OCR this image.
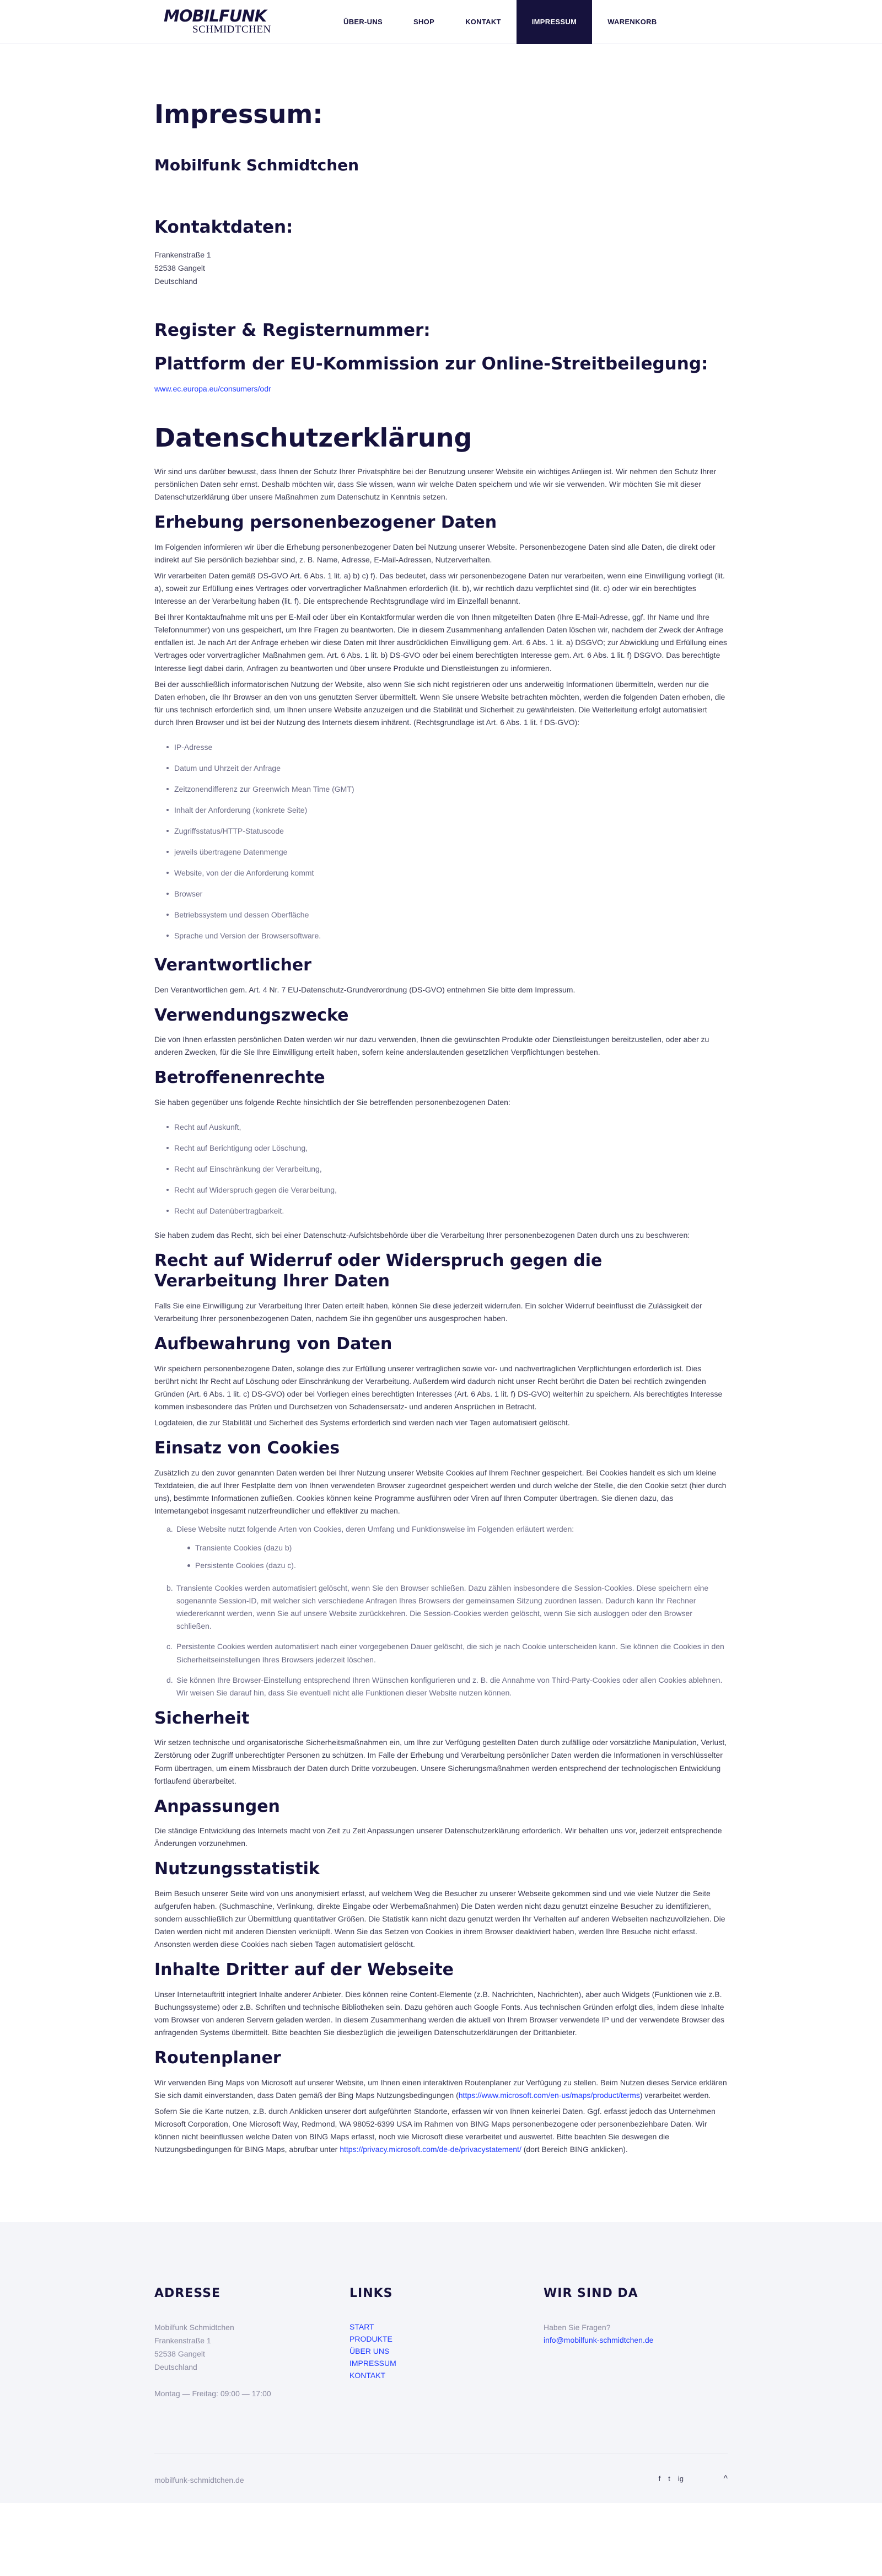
MOBILFUNK
SCHMIDTCHEN
ÜBER-UNS	SHOP	KONTAKT	IMPRESSUM	WARENKORB
Impressum:
Mobilfunk Schmidtchen
Kontaktdaten:
Frankenstraße 1
52538 Gangelt
Deutschland
Register & Registernummer:
Plattform der EU-Kommission zur Online-Streitbeilegung:
www.ec.europa.eu/consumers/odr
Datenschutzerklärung

Wir sind uns darüber bewusst, dass Ihnen der Schutz Ihrer Privatsphäre bei der Benutzung unserer Website ein wichtiges Anliegen ist. Wir nehmen den Schutz Ihrer persönlichen Daten sehr ernst. Deshalb möchten wir, dass Sie wissen, wann wir welche Daten speichern und wie wir sie verwenden. Wir möchten Sie mit dieser Datenschutzerklärung über unsere Maßnahmen zum Datenschutz in Kenntnis setzen.

Erhebung personenbezogener Daten

Im Folgenden informieren wir über die Erhebung personenbezogener Daten bei Nutzung unserer Website. Personenbezogene Daten sind alle Daten, die direkt oder indirekt auf Sie persönlich beziehbar sind, z. B. Name, Adresse, E-Mail-Adressen, Nutzerverhalten.

Wir verarbeiten Daten gemäß DS-GVO Art. 6 Abs. 1 lit. a) b) c) f). Das bedeutet, dass wir personenbezogene Daten nur verarbeiten, wenn eine Einwilligung vorliegt (lit. a), soweit zur Erfüllung eines Vertrages oder vorvertraglicher Maßnahmen erforderlich (lit. b), wir rechtlich dazu verpflichtet sind (lit. c) oder wir ein berechtigtes Interesse an der Verarbeitung haben (lit. f). Die entsprechende Rechtsgrundlage wird im Einzelfall benannt.

Bei Ihrer Kontaktaufnahme mit uns per E-Mail oder über ein Kontaktformular werden die von Ihnen mitgeteilten Daten (Ihre E-Mail-Adresse, ggf. Ihr Name und Ihre Telefonnummer) von uns gespeichert, um Ihre Fragen zu beantworten. Die in diesem Zusammenhang anfallenden Daten löschen wir, nachdem der Zweck der Anfrage entfallen ist. Je nach Art der Anfrage erheben wir diese Daten mit Ihrer ausdrücklichen Einwilligung gem. Art. 6 Abs. 1 lit. a) DSGVO; zur Abwicklung und Erfüllung eines Vertrages oder vorvertraglicher Maßnahmen gem. Art. 6 Abs. 1 lit. b) DS-GVO oder bei einem berechtigten Interesse gem. Art. 6 Abs. 1 lit. f) DSGVO. Das berechtigte Interesse liegt dabei darin, Anfragen zu beantworten und über unsere Produkte und Dienstleistungen zu informieren.

Bei der ausschließlich informatorischen Nutzung der Website, also wenn Sie sich nicht registrieren oder uns anderweitig Informationen übermitteln, werden nur die Daten erhoben, die Ihr Browser an den von uns genutzten Server übermittelt. Wenn Sie unsere Website betrachten möchten, werden die folgenden Daten erhoben, die für uns technisch erforderlich sind, um Ihnen unsere Website anzuzeigen und die Stabilität und Sicherheit zu gewährleisten. Die Weiterleitung erfolgt automatisiert durch Ihren Browser und ist bei der Nutzung des Internets diesem inhärent. (Rechtsgrundlage ist Art. 6 Abs. 1 lit. f DS-GVO):

IP-Adresse
Datum und Uhrzeit der Anfrage
Zeitzonendifferenz zur Greenwich Mean Time (GMT)
Inhalt der Anforderung (konkrete Seite)
Zugriffsstatus/HTTP-Statuscode
jeweils übertragene Datenmenge
Website, von der die Anforderung kommt
Browser
Betriebssystem und dessen Oberfläche
Sprache und Version der Browsersoftware.
Verantwortlicher

Den Verantwortlichen gem. Art. 4 Nr. 7 EU-Datenschutz-Grundverordnung (DS-GVO) entnehmen Sie bitte dem Impressum.

Verwendungszwecke

Die von Ihnen erfassten persönlichen Daten werden wir nur dazu verwenden, Ihnen die gewünschten Produkte oder Dienstleistungen bereitzustellen, oder aber zu anderen Zwecken, für die Sie Ihre Einwilligung erteilt haben, sofern keine anderslautenden gesetzlichen Verpflichtungen bestehen.

Betroffenenrechte

Sie haben gegenüber uns folgende Rechte hinsichtlich der Sie betreffenden personenbezogenen Daten:

Recht auf Auskunft,
Recht auf Berichtigung oder Löschung,
Recht auf Einschränkung der Verarbeitung,
Recht auf Widerspruch gegen die Verarbeitung,
Recht auf Datenübertragbarkeit.

Sie haben zudem das Recht, sich bei einer Datenschutz-Aufsichtsbehörde über die Verarbeitung Ihrer personenbezogenen Daten durch uns zu beschweren:

Recht auf Widerruf oder Widerspruch gegen die Verarbeitung Ihrer Daten

Falls Sie eine Einwilligung zur Verarbeitung Ihrer Daten erteilt haben, können Sie diese jederzeit widerrufen. Ein solcher Widerruf beeinflusst die Zulässigkeit der Verarbeitung Ihrer personenbezogenen Daten, nachdem Sie ihn gegenüber uns ausgesprochen haben.

Aufbewahrung von Daten

Wir speichern personenbezogene Daten, solange dies zur Erfüllung unserer vertraglichen sowie vor- und nachvertraglichen Verpflichtungen erforderlich ist. Dies berührt nicht Ihr Recht auf Löschung oder Einschränkung der Verarbeitung. Außerdem wird dadurch nicht unser Recht berührt die Daten bei rechtlich zwingenden Gründen (Art. 6 Abs. 1 lit. c) DS-GVO) oder bei Vorliegen eines berechtigten Interesses (Art. 6 Abs. 1 lit. f) DS-GVO) weiterhin zu speichern. Als berechtigtes Interesse kommen insbesondere das Prüfen und Durchsetzen von Schadensersatz- und anderen Ansprüchen in Betracht.

Logdateien, die zur Stabilität und Sicherheit des Systems erforderlich sind werden nach vier Tagen automatisiert gelöscht.

Einsatz von Cookies

Zusätzlich zu den zuvor genannten Daten werden bei Ihrer Nutzung unserer Website Cookies auf Ihrem Rechner gespeichert. Bei Cookies handelt es sich um kleine Textdateien, die auf Ihrer Festplatte dem von Ihnen verwendeten Browser zugeordnet gespeichert werden und durch welche der Stelle, die den Cookie setzt (hier durch uns), bestimmte Informationen zufließen. Cookies können keine Programme ausführen oder Viren auf Ihren Computer übertragen. Sie dienen dazu, das Internetangebot insgesamt nutzerfreundlicher und effektiver zu machen.

a. Diese Website nutzt folgende Arten von Cookies, deren Umfang und Funktionsweise im Folgenden erläutert werden:
Transiente Cookies (dazu b)
Persistente Cookies (dazu c).
b. Transiente Cookies werden automatisiert gelöscht, wenn Sie den Browser schließen. Dazu zählen insbesondere die Session-Cookies. Diese speichern eine sogenannte Session-ID, mit welcher sich verschiedene Anfragen Ihres Browsers der gemeinsamen Sitzung zuordnen lassen. Dadurch kann Ihr Rechner wiedererkannt werden, wenn Sie auf unsere Website zurückkehren. Die Session-Cookies werden gelöscht, wenn Sie sich ausloggen oder den Browser schließen.
c. Persistente Cookies werden automatisiert nach einer vorgegebenen Dauer gelöscht, die sich je nach Cookie unterscheiden kann. Sie können die Cookies in den Sicherheitseinstellungen Ihres Browsers jederzeit löschen.
d. Sie können Ihre Browser-Einstellung entsprechend Ihren Wünschen konfigurieren und z. B. die Annahme von Third-Party-Cookies oder allen Cookies ablehnen. Wir weisen Sie darauf hin, dass Sie eventuell nicht alle Funktionen dieser Website nutzen können.
Sicherheit

Wir setzen technische und organisatorische Sicherheitsmaßnahmen ein, um Ihre zur Verfügung gestellten Daten durch zufällige oder vorsätzliche Manipulation, Verlust, Zerstörung oder Zugriff unberechtigter Personen zu schützen. Im Falle der Erhebung und Verarbeitung persönlicher Daten werden die Informationen in verschlüsselter Form übertragen, um einem Missbrauch der Daten durch Dritte vorzubeugen. Unsere Sicherungsmaßnahmen werden entsprechend der technologischen Entwicklung fortlaufend überarbeitet.

Anpassungen

Die ständige Entwicklung des Internets macht von Zeit zu Zeit Anpassungen unserer Datenschutzerklärung erforderlich. Wir behalten uns vor, jederzeit entsprechende Änderungen vorzunehmen.

Nutzungsstatistik

Beim Besuch unserer Seite wird von uns anonymisiert erfasst, auf welchem Weg die Besucher zu unserer Webseite gekommen sind und wie viele Nutzer die Seite aufgerufen haben. (Suchmaschine, Verlinkung, direkte Eingabe oder Werbemaßnahmen) Die Daten werden nicht dazu genutzt einzelne Besucher zu identifizieren, sondern ausschließlich zur Übermittlung quantitativer Größen. Die Statistik kann nicht dazu genutzt werden Ihr Verhalten auf anderen Webseiten nachzuvollziehen. Die Daten werden nicht mit anderen Diensten verknüpft. Wenn Sie das Setzen von Cookies in ihrem Browser deaktiviert haben, werden Ihre Besuche nicht erfasst. Ansonsten werden diese Cookies nach sieben Tagen automatisiert gelöscht.

Inhalte Dritter auf der Webseite

Unser Internetauftritt integriert Inhalte anderer Anbieter. Dies können reine Content-Elemente (z.B. Nachrichten, Nachrichten), aber auch Widgets (Funktionen wie z.B. Buchungssysteme) oder z.B. Schriften und technische Bibliotheken sein. Dazu gehören auch Google Fonts. Aus technischen Gründen erfolgt dies, indem diese Inhalte vom Browser von anderen Servern geladen werden. In diesem Zusammenhang werden die aktuell von Ihrem Browser verwendete IP und der verwendete Browser des anfragenden Systems übermittelt. Bitte beachten Sie diesbezüglich die jeweiligen Datenschutzerklärungen der Drittanbieter.

Routenplaner

Wir verwenden Bing Maps von Microsoft auf unserer Website, um Ihnen einen interaktiven Routenplaner zur Verfügung zu stellen. Beim Nutzen dieses Service erklären Sie sich damit einverstanden, dass Daten gemäß der Bing Maps Nutzungsbedingungen (https://www.microsoft.com/en-us/maps/product/terms) verarbeitet werden.

Sofern Sie die Karte nutzen, z.B. durch Anklicken unserer dort aufgeführten Standorte, erfassen wir von Ihnen keinerlei Daten. Ggf. erfasst jedoch das Unternehmen Microsoft Corporation, One Microsoft Way, Redmond, WA 98052-6399 USA im Rahmen von BING Maps personenbezogene oder personenbeziehbare Daten. Wir können nicht beeinflussen welche Daten von BING Maps erfasst, noch wie Microsoft diese verarbeitet und auswertet. Bitte beachten Sie deswegen die Nutzungsbedingungen für BING Maps, abrufbar unter https://privacy.microsoft.com/de-de/privacystatement/ (dort Bereich BING anklicken).

ADRESSE
Mobilfunk Schmidtchen
Frankenstraße 1
52538 Gangelt
Deutschland
Montag — Freitag: 09:00 — 17:00
LINKS
START
PRODUKTE
ÜBER UNS
IMPRESSUM
KONTAKT
WIR SIND DA
Haben Sie Fragen?
info@mobilfunk-schmidtchen.de
mobilfunk-schmidtchen.de	f t ig	^
